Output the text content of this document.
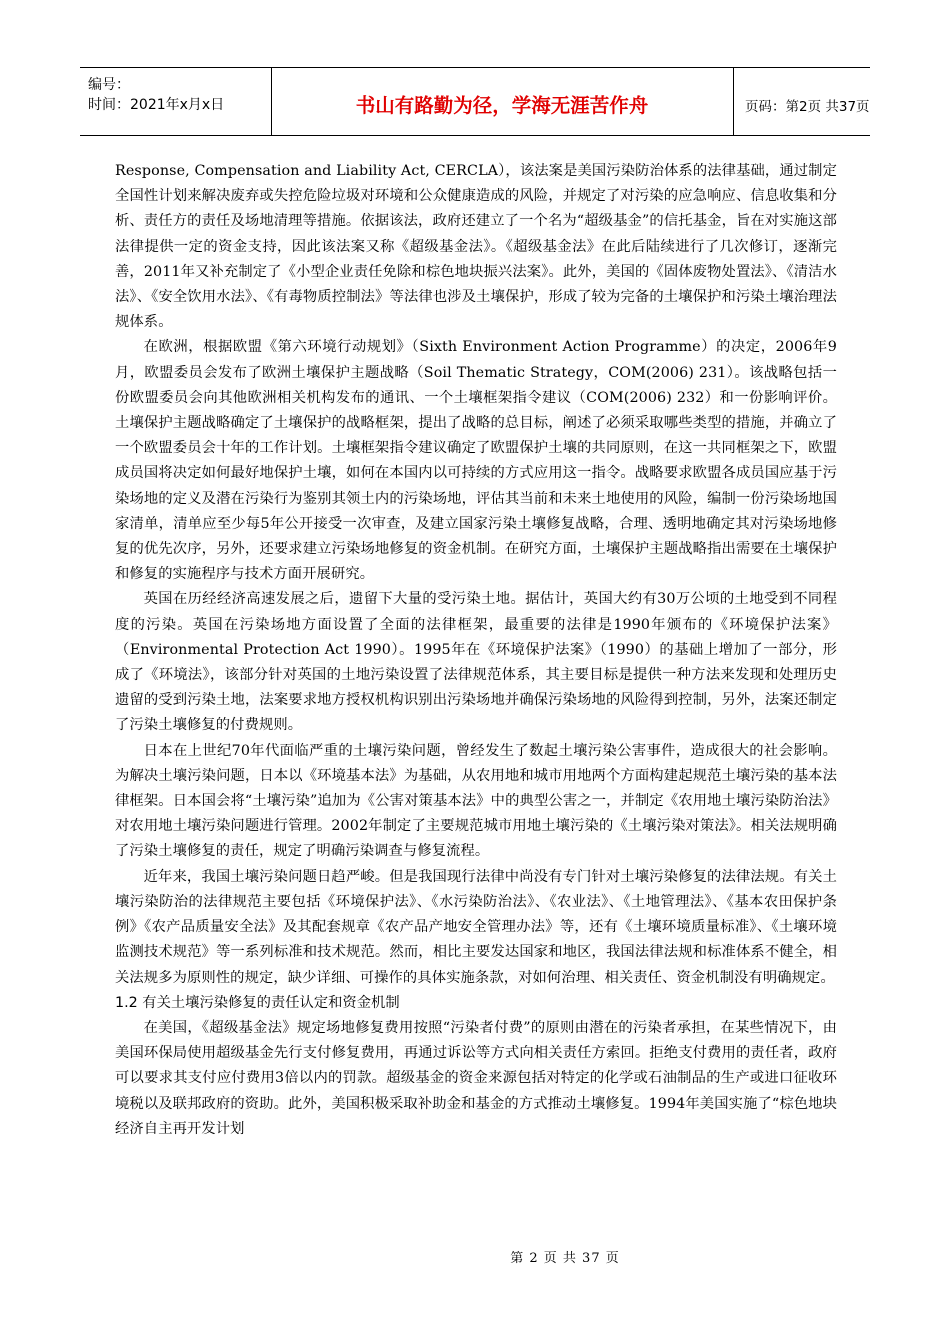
编号：
时间：2021年x月x日	书山有路勤为径，学海无涯苦作舟	页码：第2页 共37页

Response, Compensation and Liability Act, CERCLA），该法案是美国污染防治体系的法律基础，通过制定全国性计划来解决废弃或失控危险垃圾对环境和公众健康造成的风险，并规定了对污染的应急响应、信息收集和分析、责任方的责任及场地清理等措施。依据该法，政府还建立了一个名为“超级基金”的信托基金，旨在对实施这部法律提供一定的资金支持，因此该法案又称《超级基金法》。《超级基金法》在此后陆续进行了几次修订，逐渐完善，2011年又补充制定了《小型企业责任免除和棕色地块振兴法案》。此外，美国的《固体废物处置法》、《清洁水法》、《安全饮用水法》、《有毒物质控制法》等法律也涉及土壤保护，形成了较为完备的土壤保护和污染土壤治理法规体系。

在欧洲，根据欧盟《第六环境行动规划》（Sixth Environment Action Programme）的决定，2006年9月，欧盟委员会发布了欧洲土壤保护主题战略（Soil Thematic Strategy，COM(2006) 231）。该战略包括一份欧盟委员会向其他欧洲相关机构发布的通讯、一个土壤框架指令建议（COM(2006) 232）和一份影响评价。土壤保护主题战略确定了土壤保护的战略框架，提出了战略的总目标，阐述了必须采取哪些类型的措施，并确立了一个欧盟委员会十年的工作计划。土壤框架指令建议确定了欧盟保护土壤的共同原则，在这一共同框架之下，欧盟成员国将决定如何最好地保护土壤，如何在本国内以可持续的方式应用这一指令。战略要求欧盟各成员国应基于污染场地的定义及潜在污染行为鉴别其领土内的污染场地，评估其当前和未来土地使用的风险，编制一份污染场地国家清单，清单应至少每5年公开接受一次审查，及建立国家污染土壤修复战略，合理、透明地确定其对污染场地修复的优先次序，另外，还要求建立污染场地修复的资金机制。在研究方面，土壤保护主题战略指出需要在土壤保护和修复的实施程序与技术方面开展研究。

英国在历经经济高速发展之后，遗留下大量的受污染土地。据估计，英国大约有30万公顷的土地受到不同程度的污染。英国在污染场地方面设置了全面的法律框架，最重要的法律是1990年颁布的《环境保护法案》（Environmental Protection Act 1990）。1995年在《环境保护法案》（1990）的基础上增加了一部分，形成了《环境法》，该部分针对英国的土地污染设置了法律规范体系，其主要目标是提供一种方法来发现和处理历史遗留的受到污染土地，法案要求地方授权机构识别出污染场地并确保污染场地的风险得到控制，另外，法案还制定了污染土壤修复的付费规则。

日本在上世纪70年代面临严重的土壤污染问题，曾经发生了数起土壤污染公害事件，造成很大的社会影响。为解决土壤污染问题，日本以《环境基本法》为基础，从农用地和城市用地两个方面构建起规范土壤污染的基本法律框架。日本国会将“土壤污染”追加为《公害对策基本法》中的典型公害之一，并制定《农用地土壤污染防治法》对农用地土壤污染问题进行管理。2002年制定了主要规范城市用地土壤污染的《土壤污染对策法》。相关法规明确了污染土壤修复的责任，规定了明确污染调查与修复流程。

近年来，我国土壤污染问题日趋严峻。但是我国现行法律中尚没有专门针对土壤污染修复的法律法规。有关土壤污染防治的法律规范主要包括《环境保护法》、《水污染防治法》、《农业法》、《土地管理法》、《基本农田保护条例》《农产品质量安全法》及其配套规章《农产品产地安全管理办法》等，还有《土壤环境质量标准》、《土壤环境监测技术规范》等一系列标准和技术规范。然而，相比主要发达国家和地区，我国法律法规和标准体系不健全，相关法规多为原则性的规定，缺少详细、可操作的具体实施条款，对如何治理、相关责任、资金机制没有明确规定。

1.2 有关土壤污染修复的责任认定和资金机制

在美国，《超级基金法》规定场地修复费用按照“污染者付费”的原则由潜在的污染者承担，在某些情况下，由美国环保局使用超级基金先行支付修复费用，再通过诉讼等方式向相关责任方索回。拒绝支付费用的责任者，政府可以要求其支付应付费用3倍以内的罚款。超级基金的资金来源包括对特定的化学或石油制品的生产或进口征收环境税以及联邦政府的资助。此外，美国积极采取补助金和基金的方式推动土壤修复。1994年美国实施了“棕色地块经济自主再开发计划

第 2 页 共 37 页
